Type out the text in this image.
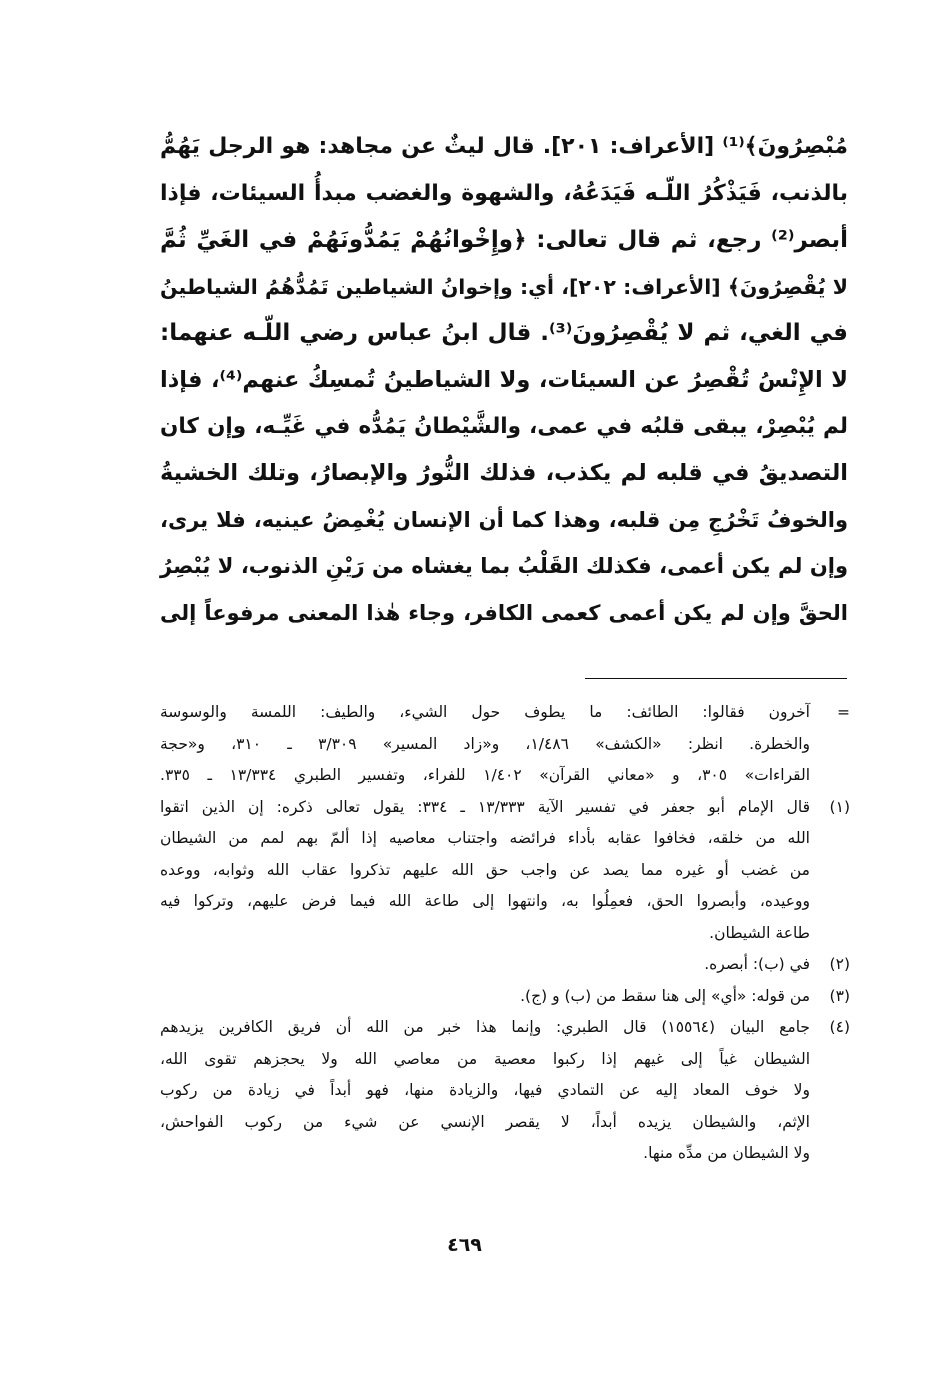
مُبْصِرُونَ﴾⁽¹⁾ [الأعراف: ٢٠١]. قال ليثٌ عن مجاهد: هو الرجل يَهُمُّ
بالذنب، فَيَذْكُرُ اللّـه فَيَدَعُهُ، والشهوة والغضب مبدأُ السيئات، فإذا
أبصر⁽²⁾ رجع، ثم قال تعالى: ﴿وإِخْوانُهُمْ يَمُدُّونَهُمْ في الغَيِّ ثُمَّ
لا يُقْصِرُونَ﴾ [الأعراف: ٢٠٢]، أي: وإخوانُ الشياطين تَمُدُّهُمُ الشياطينُ
في الغي، ثم لا يُقْصِرُونَ⁽³⁾. قال ابنُ عباس رضي اللّـه عنهما:
لا الإِنْسُ تُقْصِرُ عن السيئات، ولا الشياطينُ تُمسِكُ عنهم⁽⁴⁾، فإذا
لم يُبْصِرْ، يبقى قلبُه في عمى، والشَّيْطانُ يَمُدُّه في غَيِّـه، وإن كان
التصديقُ في قلبه لم يكذب، فذلك النُّورُ والإبصارُ، وتلك الخشيةُ
والخوفُ تَخْرُجِ مِن قلبه، وهذا كما أن الإنسان يُغْمِضُ عينيه، فلا يرى،
وإن لم يكن أعمى، فكذلك القَلْبُ بما يغشاه من رَيْنِ الذنوب، لا يُبْصِرُ
الحقَّ وإن لم يكن أعمى كعمى الكافر، وجاء هٰذا المعنى مرفوعاً إلى
=
آخرون فقالوا: الطائف: ما يطوف حول الشيء، والطيف: اللمسة والوسوسة
والخطرة. انظر: «الكشف» ١/٤٨٦، و«زاد المسير» ٣/٣٠٩ ـ ٣١٠، و«حجة
القراءات» ٣٠٥، و «معاني القرآن» ١/٤٠٢ للفراء، وتفسير الطبري ١٣/٣٣٤ ـ ٣٣٥.
(١)
قال الإمام أبو جعفر في تفسير الآية ١٣/٣٣٣ ـ ٣٣٤: يقول تعالى ذكره: إن الذين اتقوا
الله من خلقه، فخافوا عقابه بأداء فرائضه واجتناب معاصيه إذا ألمّ بهم لمم من الشيطان
من غضب أو غيره مما يصد عن واجب حق الله عليهم تذكروا عقاب الله وثوابه، ووعده
ووعيده، وأبصروا الحق، فعمِلُوا به، وانتهوا إلى طاعة الله فيما فرض عليهم، وتركوا فيه
طاعة الشيطان.
(٢)
في (ب): أبصره.
(٣)
من قوله: «أي» إلى هنا سقط من (ب) و (ج).
(٤)
جامع البيان (١٥٥٦٤) قال الطبري: وإنما هذا خبر من الله أن فريق الكافرين يزيدهم
الشيطان غياً إلى غيهم إذا ركبوا معصية من معاصي الله ولا يحجزهم تقوى الله،
ولا خوف المعاد إليه عن التمادي فيها، والزيادة منها، فهو أبداً في زيادة من ركوب
الإثم، والشيطان يزيده أبداً، لا يقصر الإنسي عن شيء من ركوب الفواحش،
ولا الشيطان من مدِّه منها.
٤٦٩
